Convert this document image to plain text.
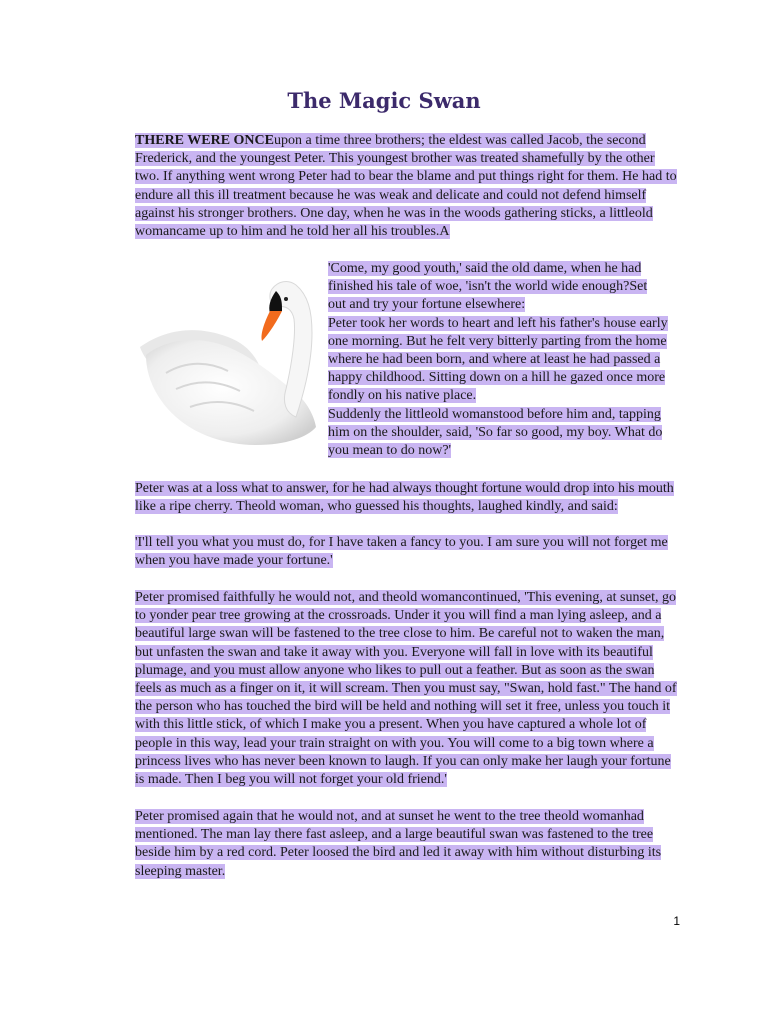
The Magic Swan

THERE WERE ONCEupon a time three brothers; the eldest was called Jacob, the second Frederick, and the youngest Peter. This youngest brother was treated shamefully by the other two. If anything went wrong Peter had to bear the blame and put things right for them. He had to endure all this ill treatment because he was weak and delicate and could not defend himself against his stronger brothers. One day, when he was in the woods gathering sticks, a littleold womancame up to him and he told her all his troubles.A

'Come, my good youth,' said the old dame, when he had finished his tale of woe, 'isn't the world wide enough?Set out and try your fortune elsewhere:

Peter took her words to heart and left his father's house early one morning. But he felt very bitterly parting from the home where he had been born, and where at least he had passed a happy childhood. Sitting down on a hill he gazed once more fondly on his native place.

Suddenly the littleold womanstood before him and, tapping him on the shoulder, said, 'So far so good, my boy. What do you mean to do now?'

Peter was at a loss what to answer, for he had always thought fortune would drop into his mouth like a ripe cherry. Theold woman, who guessed his thoughts, laughed kindly, and said:

'I'll tell you what you must do, for I have taken a fancy to you. I am sure you will not forget me when you have made your fortune.'

Peter promised faithfully he would not, and theold womancontinued, 'This evening, at sunset, go to yonder pear tree growing at the crossroads. Under it you will find a man lying asleep, and a beautiful large swan will be fastened to the tree close to him. Be careful not to waken the man, but unfasten the swan and take it away with you. Everyone will fall in love with its beautiful plumage, and you must allow anyone who likes to pull out a feather. But as soon as the swan feels as much as a finger on it, it will scream. Then you must say, "Swan, hold fast." The hand of the person who has touched the bird will be held and nothing will set it free, unless you touch it with this little stick, of which I make you a present. When you have captured a whole lot of people in this way, lead your train straight on with you. You will come to a big town where a princess lives who has never been known to laugh. If you can only make her laugh your fortune is made. Then I beg you will not forget your old friend.'

Peter promised again that he would not, and at sunset he went to the tree theold womanhad mentioned. The man lay there fast asleep, and a large beautiful swan was fastened to the tree beside him by a red cord. Peter loosed the bird and led it away with him without disturbing its sleeping master.

1
